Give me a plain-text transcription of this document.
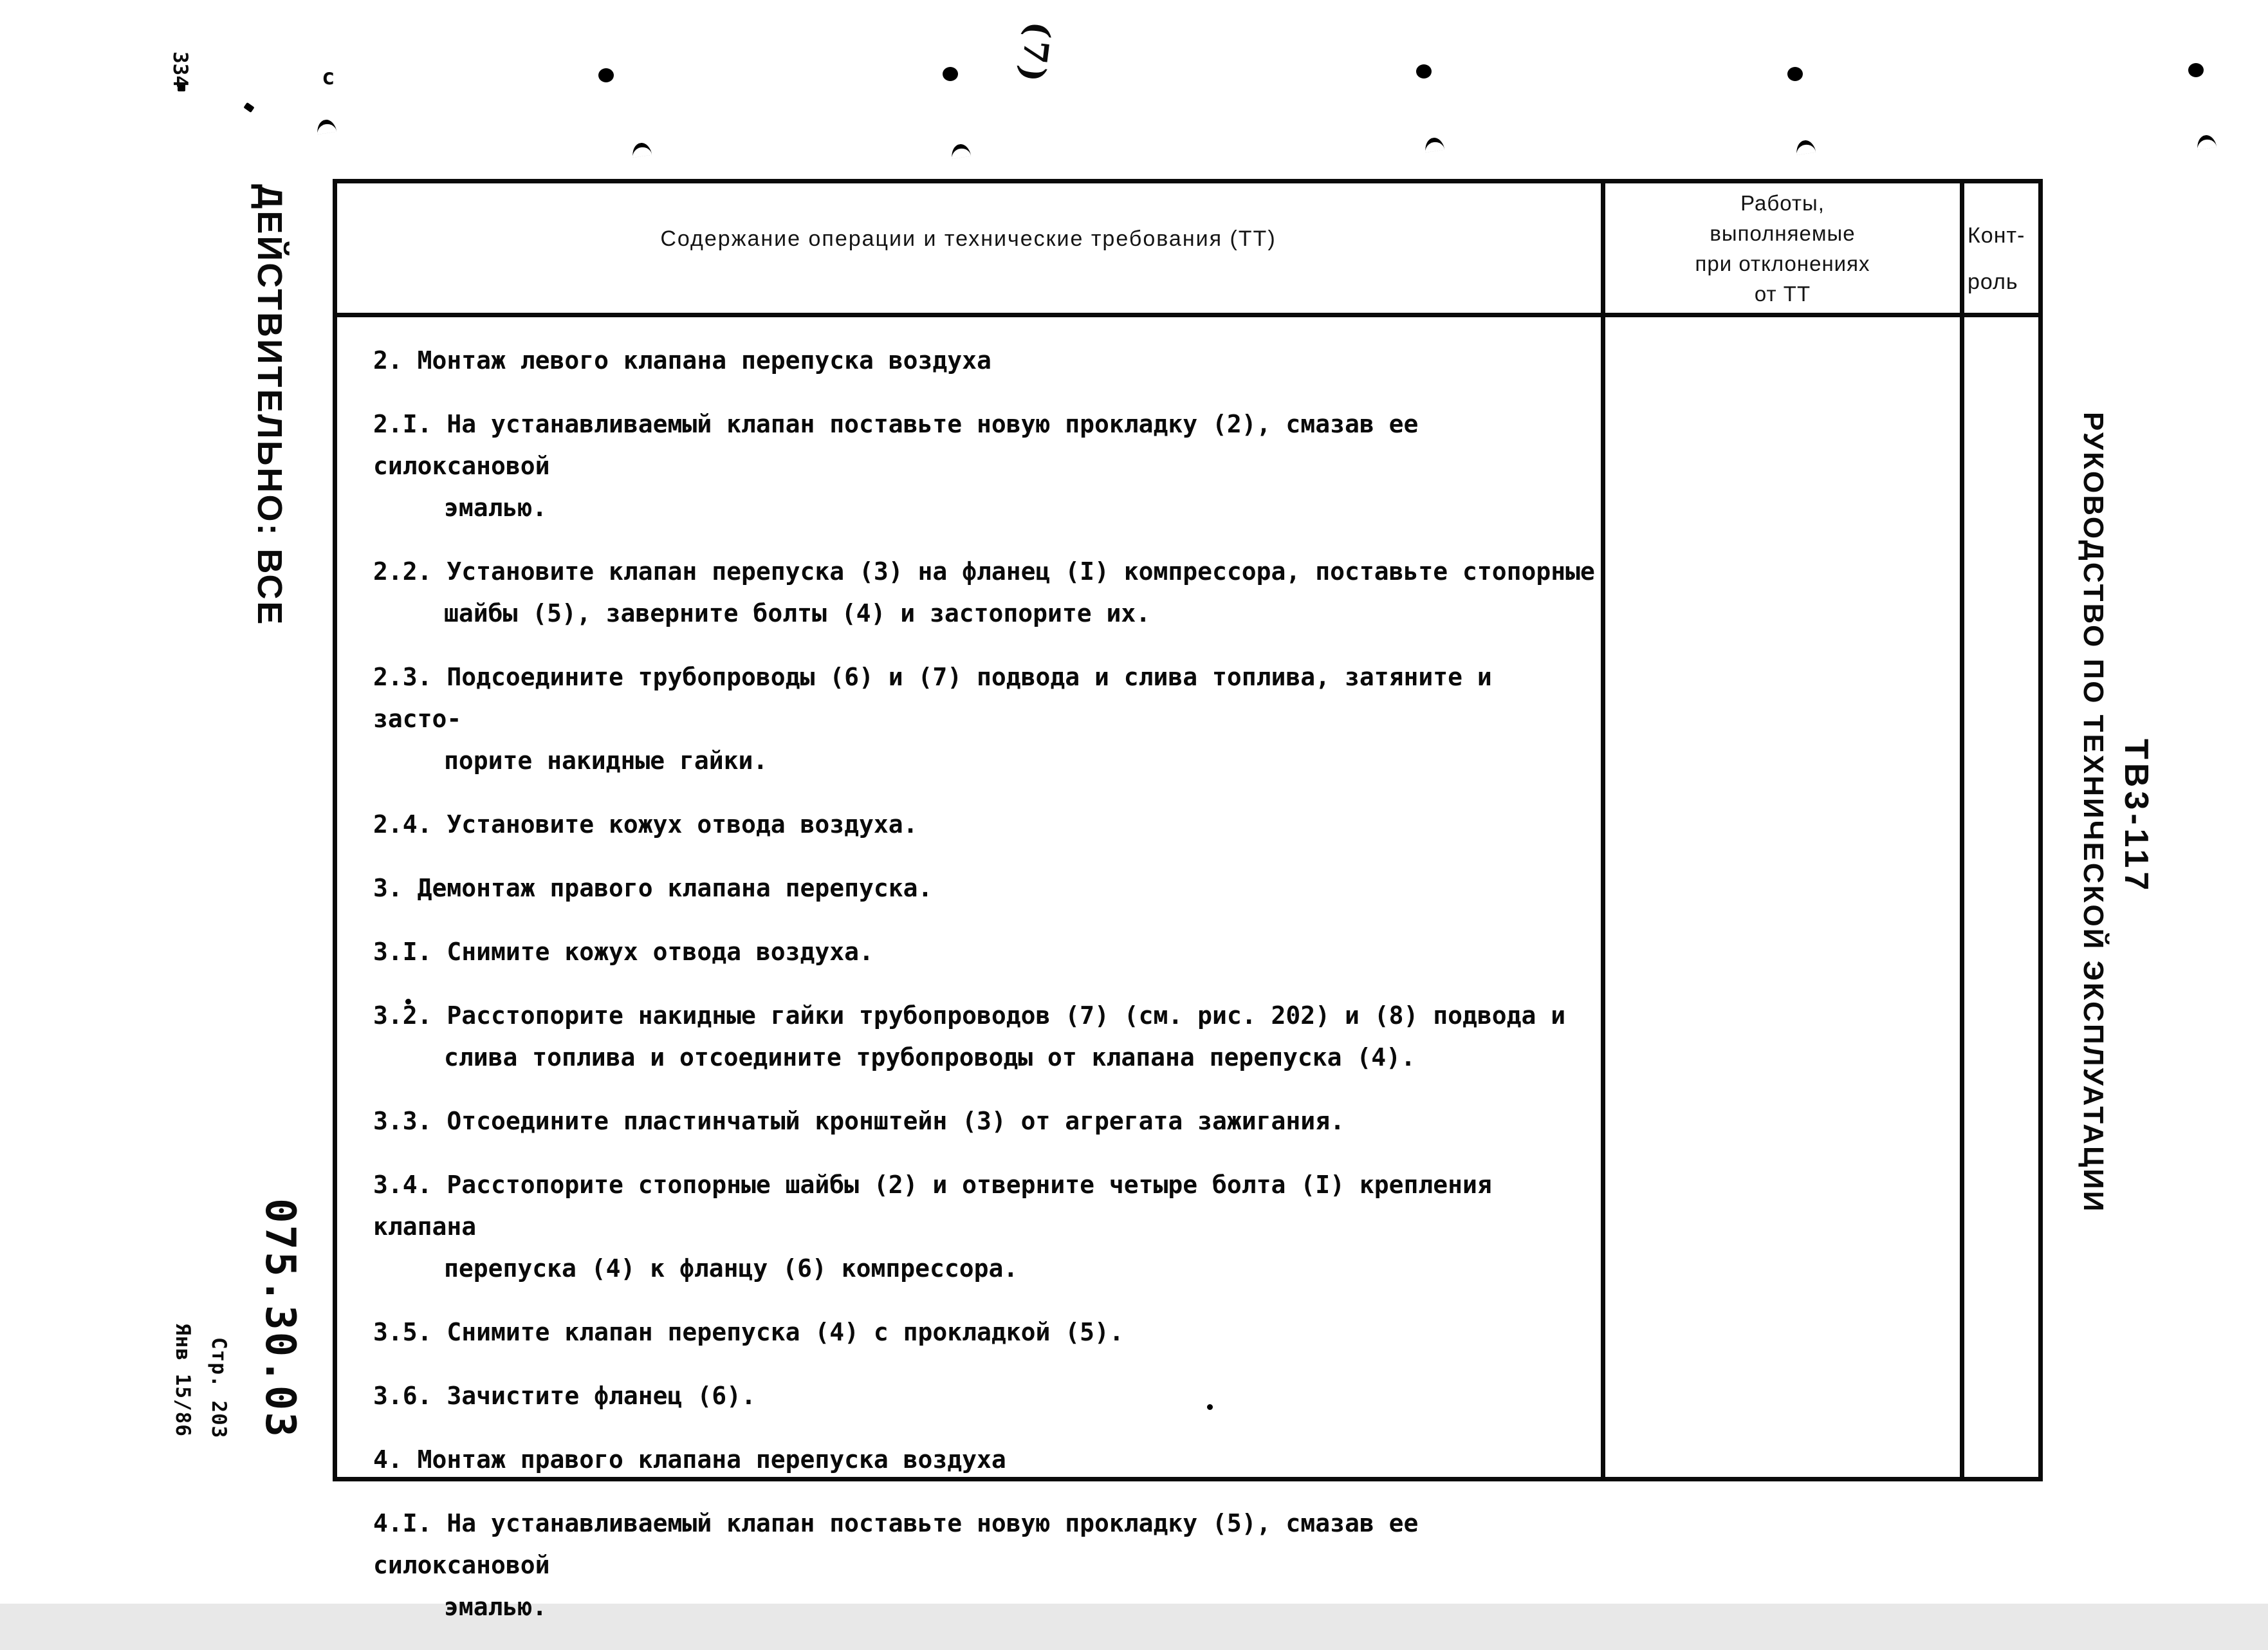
с	(7)
ДЕЙСТВИТЕЛЬНО: ВСЕ
РУКОВОДСТВО ПО ТЕХНИЧЕСКОЙ ЭКСПЛУАТАЦИИ ТВ3-117
075.30.03
Стр. 203
Янв 15/86
334
Содержание операции и технические требования (ТТ)
Работы,
выполняемые
при отклонениях
от ТТ
Конт-
роль
2. Монтаж левого клапана перепуска воздуха
2.I. На устанавливаемый клапан поставьте новую прокладку (2), смазав ее силоксановой
эмалью.
2.2. Установите клапан перепуска (3) на фланец (I) компрессора, поставьте стопорные
шайбы (5), заверните болты (4) и застопорите их.
2.3. Подсоедините трубопроводы (6) и (7) подвода и слива топлива, затяните и  засто-
порите накидные гайки.
2.4. Установите кожух отвода воздуха.
3. Демонтаж правого клапана перепуска.
3.I. Снимите кожух отвода воздуха.
3.2. Расстопорите накидные гайки трубопроводов (7) (см. рис. 202) и (8) подвода и
слива топлива и отсоедините трубопроводы от клапана перепуска (4).
3.3. Отсоедините пластинчатый кронштейн (3) от агрегата зажигания.
3.4. Расстопорите стопорные шайбы (2) и отверните четыре болта (I) крепления клапана
перепуска (4) к фланцу (6) компрессора.
3.5. Снимите клапан перепуска (4) с прокладкой (5).
3.6. Зачистите фланец (6).
4. Монтаж правого клапана перепуска воздуха
4.I. На устанавливаемый клапан поставьте новую прокладку (5), смазав ее силоксановой
эмалью.
